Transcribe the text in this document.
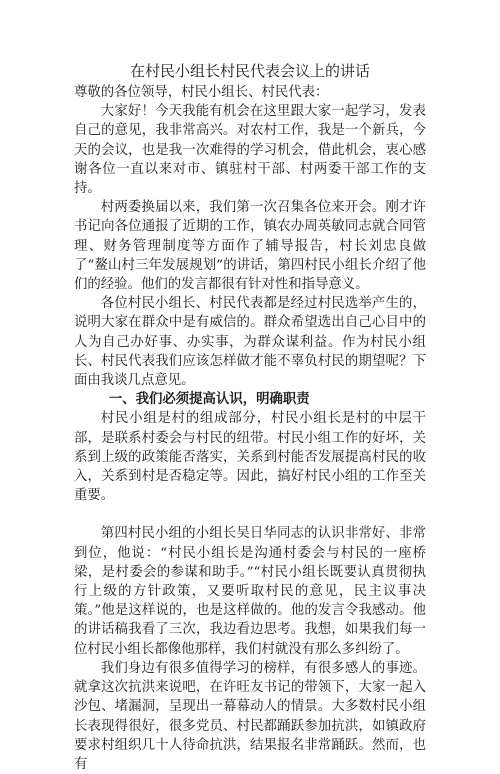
在村民小组长村民代表会议上的讲话
尊敬的各位领导，村民小组长、村民代表：

大家好！今天我能有机会在这里跟大家一起学习，发表自己的意见，我非常高兴。对农村工作，我是一个新兵，今天的会议，也是我一次难得的学习机会，借此机会，衷心感谢各位一直以来对市、镇驻村干部、村两委干部工作的支持。

村两委换届以来，我们第一次召集各位来开会。刚才许书记向各位通报了近期的工作，镇农办周英敏同志就合同管理、财务管理制度等方面作了辅导报告，村长刘忠良做了“鳌山村三年发展规划”的讲话，第四村民小组长介绍了他们的经验。他们的发言都很有针对性和指导意义。

各位村民小组长、村民代表都是经过村民选举产生的，说明大家在群众中是有威信的。群众希望选出自己心目中的人为自己办好事、办实事，为群众谋利益。作为村民小组长、村民代表我们应该怎样做才能不辜负村民的期望呢？下面由我谈几点意见。

一、我们必须提高认识，明确职责

村民小组是村的组成部分，村民小组长是村的中层干部，是联系村委会与村民的纽带。村民小组工作的好坏，关系到上级的政策能否落实，关系到村能否发展提高村民的收入，关系到村是否稳定等。因此，搞好村民小组的工作至关重要。

第四村民小组的小组长吴日华同志的认识非常好、非常到位，他说：“村民小组长是沟通村委会与村民的一座桥梁，是村委会的参谋和助手。”“村民小组长既要认真贯彻执行上级的方针政策，又要听取村民的意见，民主议事决策。”他是这样说的，也是这样做的。他的发言令我感动。他的讲话稿我看了三次，我边看边思考。我想，如果我们每一位村民小组长都像他那样，我们村就没有那么多纠纷了。

我们身边有很多值得学习的榜样，有很多感人的事迹。就拿这次抗洪来说吧，在许旺友书记的带领下，大家一起入沙包、堵漏洞，呈现出一幕幕动人的情景。大多数村民小组长表现得很好，很多党员、村民都踊跃参加抗洪，如镇政府要求村组织几十人待命抗洪，结果报名非常踊跃。然而，也有
